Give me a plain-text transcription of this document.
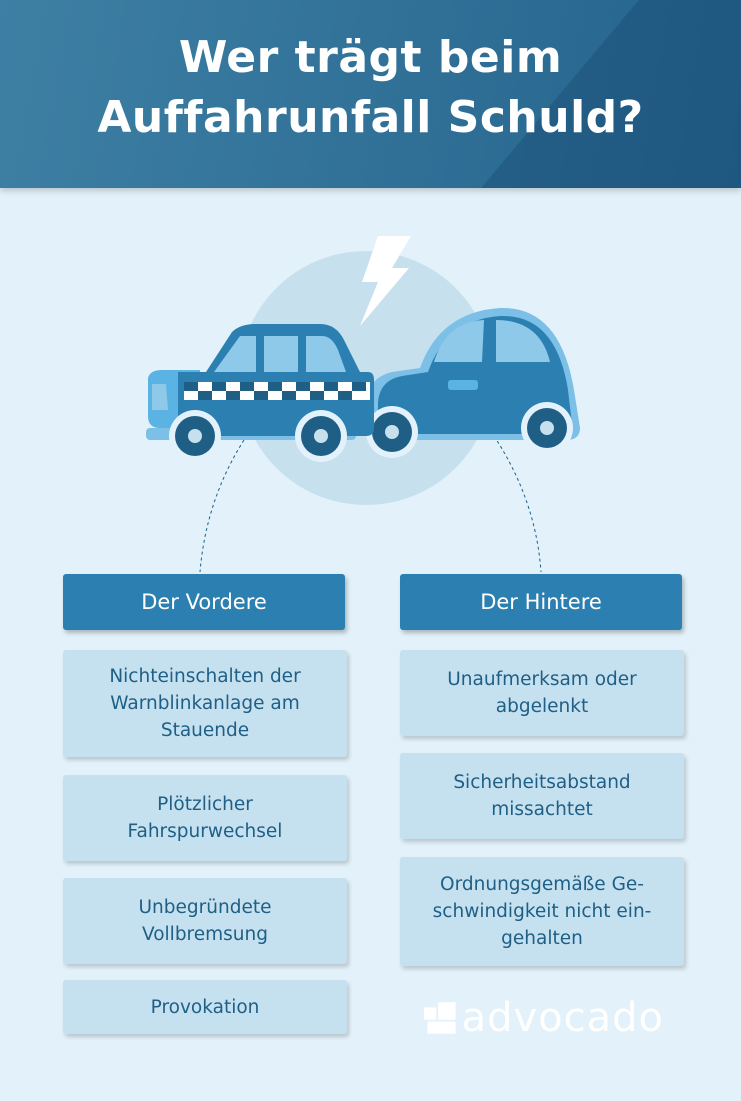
Wer trägt beim
Auffahrunfall Schuld?
Der Vordere
Nichteinschalten der Warnblinkanlage am Stauende
Plötzlicher Fahrspurwechsel
Unbegründete Vollbremsung
Provokation
Der Hintere
Unaufmerksam oder abgelenkt
Sicherheitsabstand missachtet
Ordnungsgemäße Ge- schwindigkeit nicht ein- gehalten
advocado
